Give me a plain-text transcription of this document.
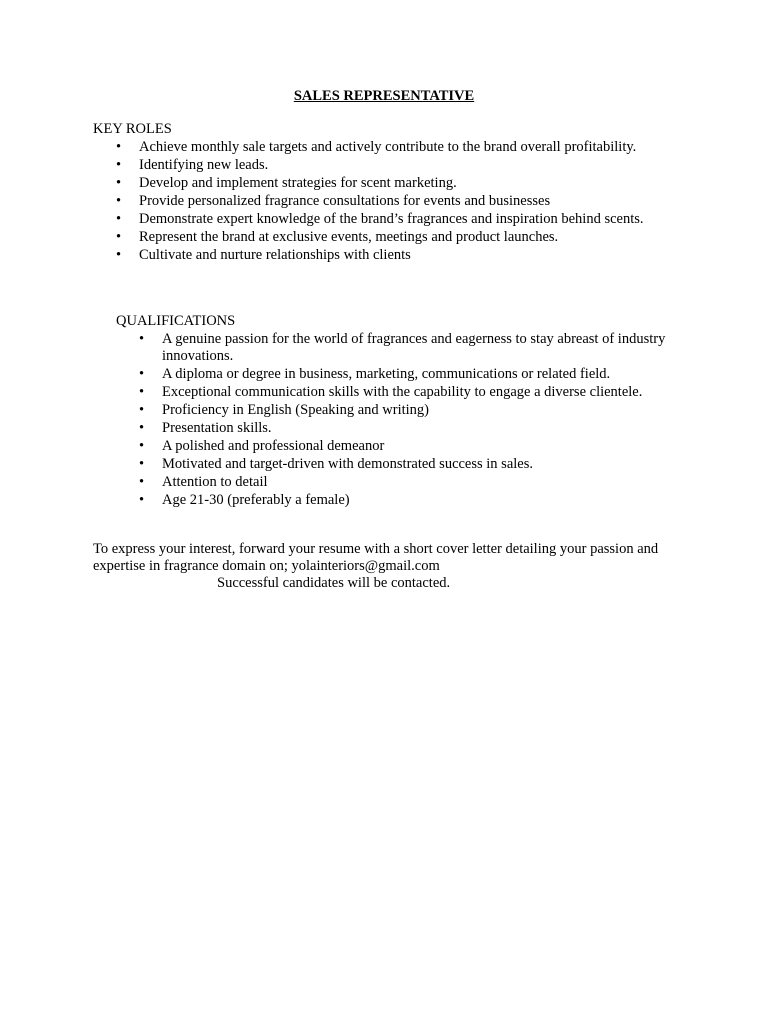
SALES REPRESENTATIVE

KEY ROLES

• Achieve monthly sale targets and actively contribute to the brand overall profitability.
• Identifying new leads.
• Develop and implement strategies for scent marketing.
• Provide personalized fragrance consultations for events and businesses
• Demonstrate expert knowledge of the brand’s fragrances and inspiration behind scents.
• Represent the brand at exclusive events, meetings and product launches.
• Cultivate and nurture relationships with clients

QUALIFICATIONS

• A genuine passion for the world of fragrances and eagerness to stay abreast of industry innovations.
• A diploma or degree in business, marketing, communications or related field.
• Exceptional communication skills with the capability to engage a diverse clientele.
• Proficiency in English (Speaking and writing)
• Presentation skills.
• A polished and professional demeanor
• Motivated and target-driven with demonstrated success in sales.
• Attention to detail
• Age 21-30 (preferably a female)

To express your interest, forward your resume with a short cover letter detailing your passion and expertise in fragrance domain on; yolainteriors@gmail.com

Successful candidates will be contacted.
